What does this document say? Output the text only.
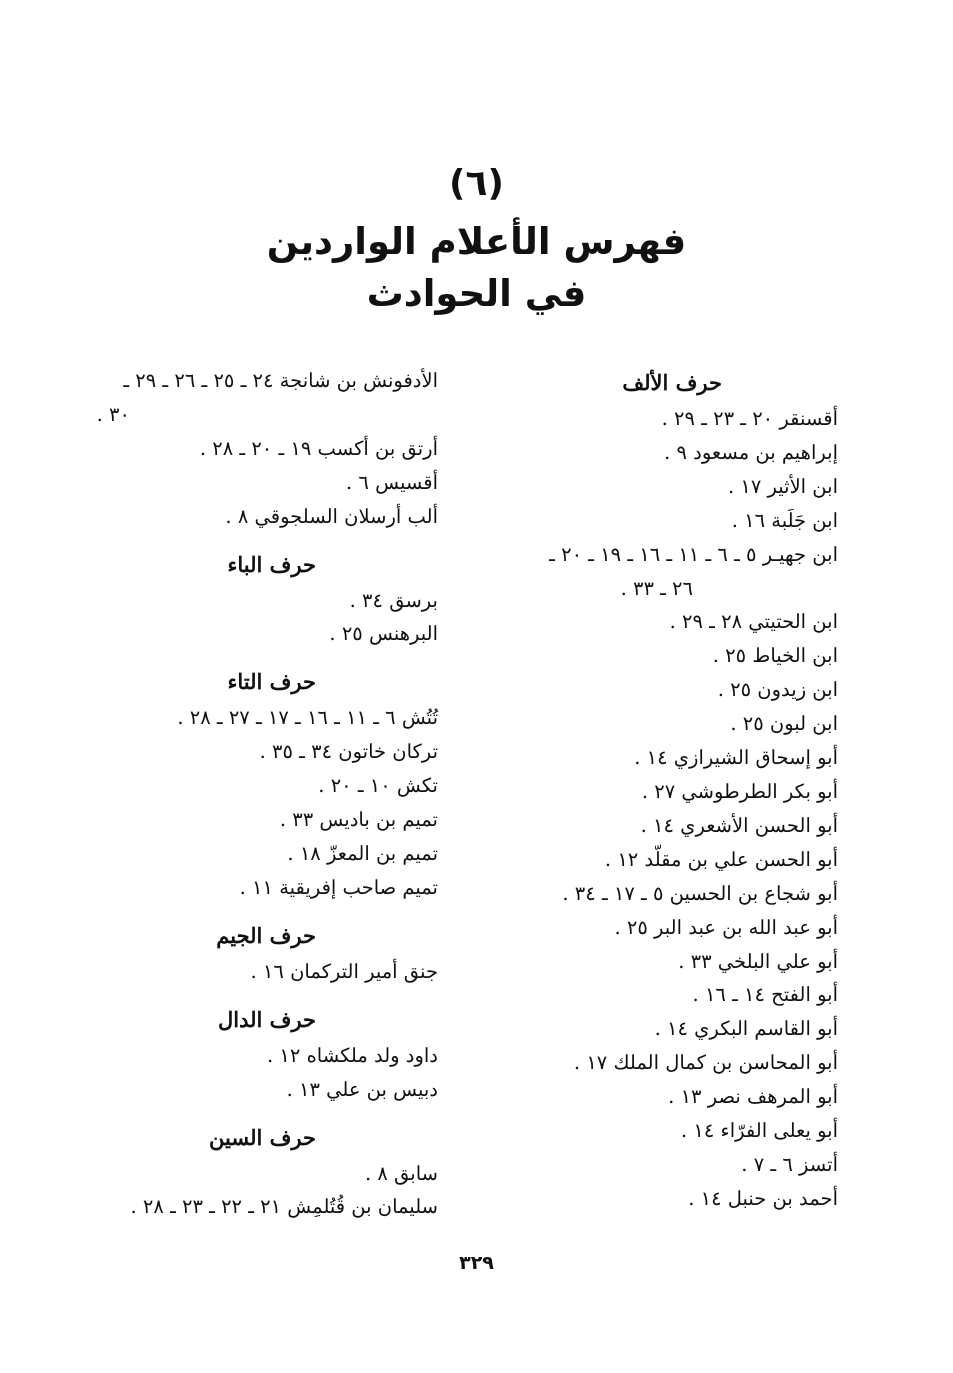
(٦)
فهرس الأعلام الواردين
في الحوادث
حرف الألف
أقسنقر ٢٠ ـ ٢٣ ـ ٢٩ .
إبراهيم بن مسعود ٩ .
ابن الأثير ١٧ .
ابن جَلَبة ١٦ .
ابن جهيـر ٥ ـ ٦ ـ ١١ ـ ١٦ ـ ١٩ ـ ٢٠ ـ
٢٦ ـ ٣٣ .
ابن الحتيتي ٢٨ ـ ٢٩ .
ابن الخياط ٢٥ .
ابن زيدون ٢٥ .
ابن لبون ٢٥ .
أبو إسحاق الشيرازي ١٤ .
أبو بكر الطرطوشي ٢٧ .
أبو الحسن الأشعري ١٤ .
أبو الحسن علي بن مقلّد ١٢ .
أبو شجاع بن الحسين ٥ ـ ١٧ ـ ٣٤ .
أبو عبد الله بن عبد البر ٢٥ .
أبو علي البلخي ٣٣ .
أبو الفتح ١٤ ـ ١٦ .
أبو القاسم البكري ١٤ .
أبو المحاسن بن كمال الملك ١٧ .
أبو المرهف نصر ١٣ .
أبو يعلى الفرّاء ١٤ .
أتسز ٦ ـ ٧ .
أحمد بن حنبل ١٤ .
الأدفونش بن شانجة ٢٤ ـ ٢٥ ـ ٢٦ ـ ٢٩ ـ
٣٠ .
أرتق بن أكسب ١٩ ـ ٢٠ ـ ٢٨ .
أقسيس ٦ .
ألب أرسلان السلجوقي ٨ .
حرف الباء
برسق ٣٤ .
البرهنس ٢٥ .
حرف التاء
تُتُش ٦ ـ ١١ ـ ١٦ ـ ١٧ ـ ٢٧ ـ ٢٨ .
تركان خاتون ٣٤ ـ ٣٥ .
تكش ١٠ ـ ٢٠ .
تميم بن باديس ٣٣ .
تميم بن المعزّ ١٨ .
تميم صاحب إفريقية ١١ .
حرف الجيم
جنق أمير التركمان ١٦ .
حرف الدال
داود ولد ملكشاه ١٢ .
دبيس بن علي ١٣ .
حرف السين
سابق ٨ .
سليمان بن قُتُلمِش ٢١ ـ ٢٢ ـ ٢٣ ـ ٢٨ .
٣٢٩
